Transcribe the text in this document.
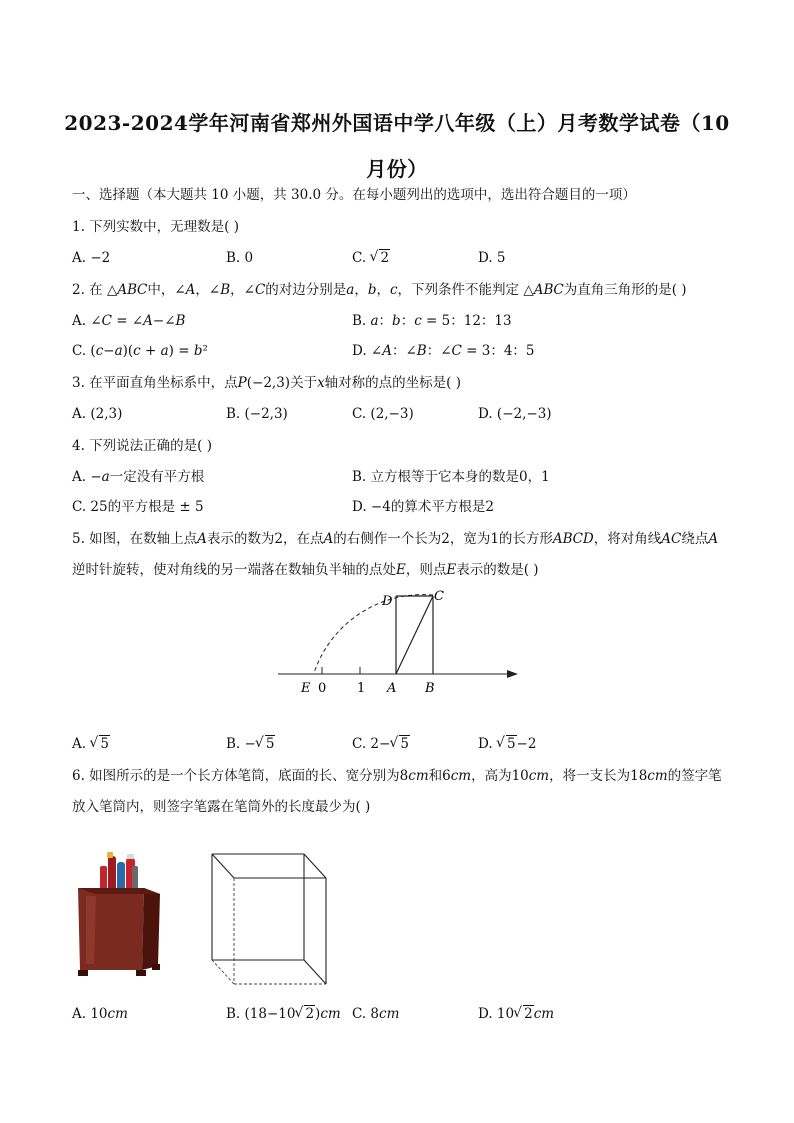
2023-2024学年河南省郑州外国语中学八年级（上）月考数学试卷（10月份）
一、选择题（本大题共 10 小题，共 30.0 分。在每小题列出的选项中，选出符合题目的一项）
1. 下列实数中，无理数是( )
A. −2	B. 0	C. √ 2	D. 5
2. 在 △𝐴𝐵𝐶中，∠𝐴，∠𝐵，∠𝐶的对边分别是𝑎，𝑏，𝑐，下列条件不能判定 △𝐴𝐵𝐶为直角三角形的是( )
A. ∠𝐶 = ∠𝐴−∠𝐵	B. 𝑎：𝑏：𝑐 = 5：12：13
C. (𝑐−𝑎)(𝑐 + 𝑎) = 𝑏²	D. ∠𝐴：∠𝐵：∠𝐶 = 3：4：5
3. 在平面直角坐标系中，点𝑃(−2,3)关于𝑥轴对称的点的坐标是( )
A. (2,3)	B. (−2,3)	C. (2,−3)	D. (−2,−3)
4. 下列说法正确的是( )
A. −𝑎一定没有平方根	B. 立方根等于它本身的数是0，1
C. 25的平方根是 ± 5	D. −4的算术平方根是2
5. 如图，在数轴上点𝐴表示的数为2，在点𝐴的右侧作一个长为2，宽为1的长方形𝐴𝐵𝐶𝐷，将对角线𝐴𝐶绕点𝐴
逆时针旋转，使对角线的另一端落在数轴负半轴的点处𝐸，则点𝐸表示的数是( )
E 0 1 A B
D	C
A. √ 5	B. − √ 5	C. 2− √ 5	D. √ 5−2
6. 如图所示的是一个长方体笔筒，底面的长、宽分别为8𝑐𝑚和6𝑐𝑚，高为10𝑐𝑚，将一支长为18𝑐𝑚的签字笔
放入笔筒内，则签字笔露在笔筒外的长度最少为( )
A. 10𝑐𝑚	B. (18−10 √ 2)𝑐𝑚 C. 8𝑐𝑚	D. 10 √ 2𝑐𝑚
